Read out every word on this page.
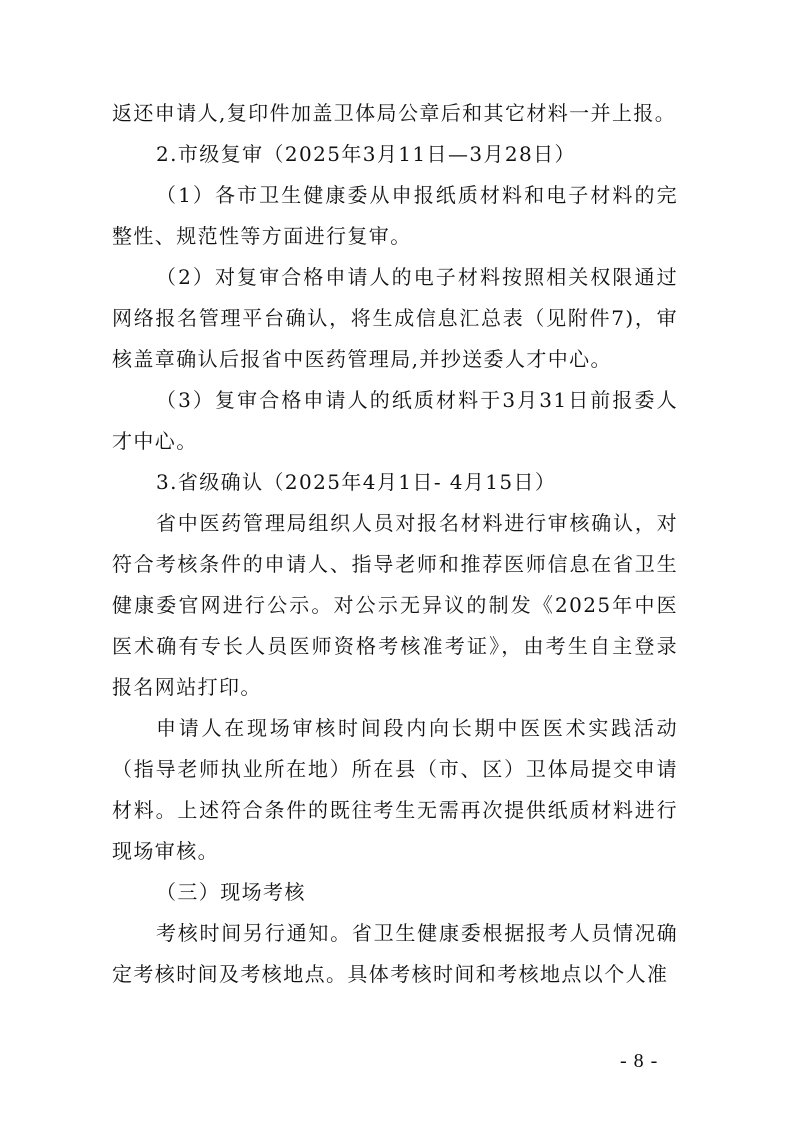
返还申请人,复印件加盖卫体局公章后和其它材料一并上报。

2.市级复审（2025年3月11日—3月28日）

（1）各市卫生健康委从申报纸质材料和电子材料的完整性、规范性等方面进行复审。

（2）对复审合格申请人的电子材料按照相关权限通过网络报名管理平台确认，将生成信息汇总表（见附件7)，审核盖章确认后报省中医药管理局,并抄送委人才中心。

（3）复审合格申请人的纸质材料于3月31日前报委人才中心。

3.省级确认（2025年4月1日- 4月15日）

省中医药管理局组织人员对报名材料进行审核确认，对符合考核条件的申请人、指导老师和推荐医师信息在省卫生健康委官网进行公示。对公示无异议的制发《2025年中医医术确有专长人员医师资格考核准考证》，由考生自主登录报名网站打印。

申请人在现场审核时间段内向长期中医医术实践活动（指导老师执业所在地）所在县（市、区）卫体局提交申请材料。上述符合条件的既往考生无需再次提供纸质材料进行现场审核。

（三）现场考核

考核时间另行通知。省卫生健康委根据报考人员情况确定考核时间及考核地点。具体考核时间和考核地点以个人准

- 8 -
